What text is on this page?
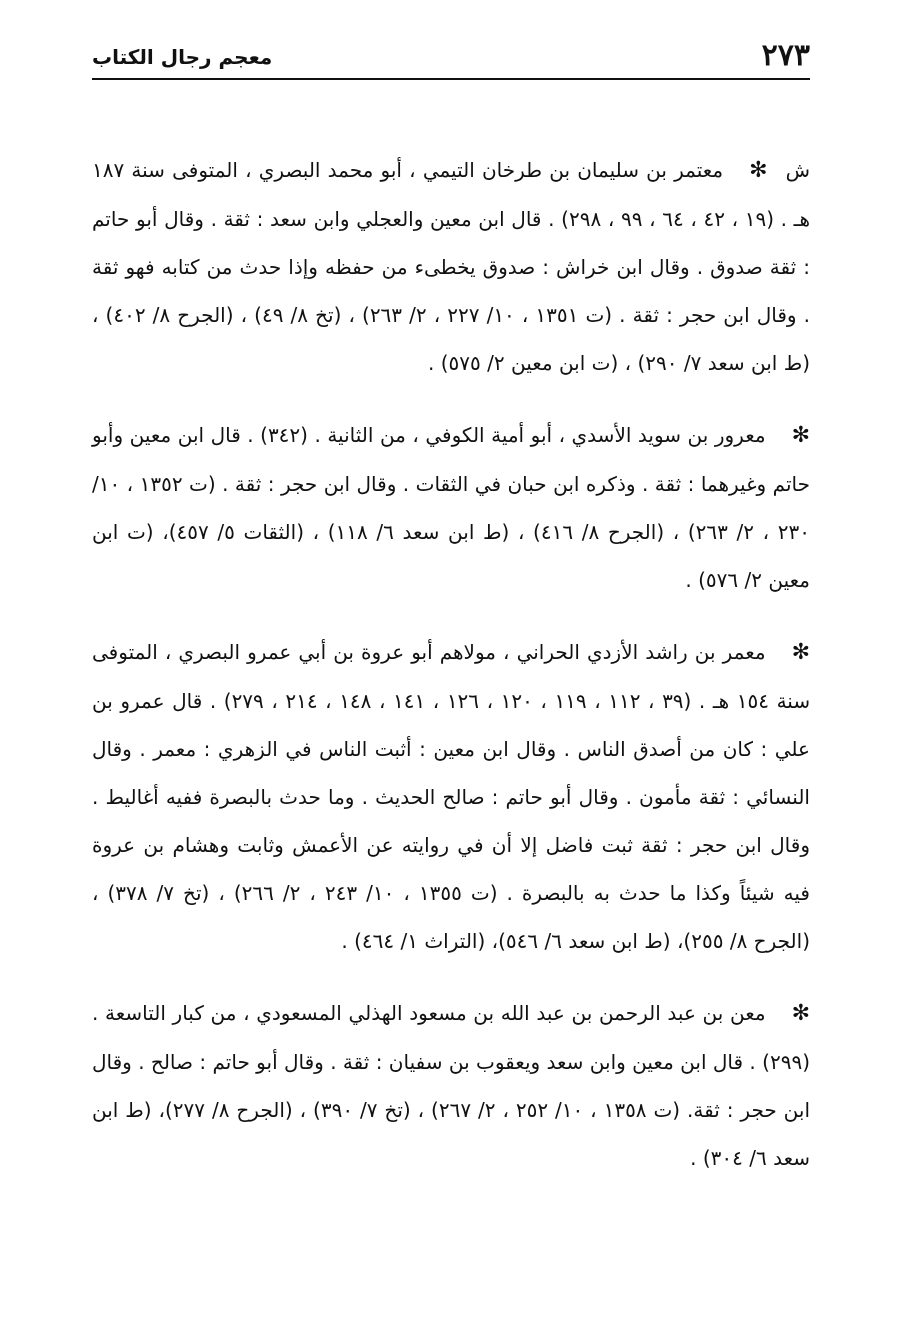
٢٧٣
معجم رجال الكتاب

ش✻معتمر بن سليمان بن طرخان التيمي ، أبو محمد البصري ، المتوفى سنة ١٨٧ هـ . (١٩ ، ٤٢ ، ٦٤ ، ٩٩ ، ٢٩٨) . قال ابن معين والعجلي وابن سعد : ثقة . وقال أبو حاتم : ثقة صدوق . وقال ابن خراش : صدوق يخطىء من حفظه وإذا حدث من كتابه فهو ثقة . وقال ابن حجر : ثقة . (ت ١٣٥١ ، ١٠/ ٢٢٧ ، ٢/ ٢٦٣) ، (تخ ٨/ ٤٩) ، (الجرح ٨/ ٤٠٢) ، (ط ابن سعد ٧/ ٢٩٠) ، (ت ابن معين ٢/ ٥٧٥) .

✻معرور بن سويد الأسدي ، أبو أمية الكوفي ، من الثانية . (٣٤٢) . قال ابن معين وأبو حاتم وغيرهما : ثقة . وذكره ابن حبان في الثقات . وقال ابن حجر : ثقة . (ت ١٣٥٢ ، ١٠/ ٢٣٠ ، ٢/ ٢٦٣) ، (الجرح ٨/ ٤١٦) ، (ط ابن سعد ٦/ ١١٨) ، (الثقات ٥/ ٤٥٧)، (ت ابن معين ٢/ ٥٧٦) .

✻معمر بن راشد الأزدي الحراني ، مولاهم أبو عروة بن أبي عمرو البصري ، المتوفى سنة ١٥٤ هـ . (٣٩ ، ١١٢ ، ١١٩ ، ١٢٠ ، ١٢٦ ، ١٤١ ، ١٤٨ ، ٢١٤ ، ٢٧٩) . قال عمرو بن علي : كان من أصدق الناس . وقال ابن معين : أثبت الناس في الزهري : معمر . وقال النسائي : ثقة مأمون . وقال أبو حاتم : صالح الحديث . وما حدث بالبصرة ففيه أغاليط . وقال ابن حجر : ثقة ثبت فاضل إلا أن في روايته عن الأعمش وثابت وهشام بن عروة فيه شيئاً وكذا ما حدث به بالبصرة . (ت ١٣٥٥ ، ١٠/ ٢٤٣ ، ٢/ ٢٦٦) ، (تخ ٧/ ٣٧٨) ، (الجرح ٨/ ٢٥٥)، (ط ابن سعد ٦/ ٥٤٦)، (التراث ١/ ٤٦٤) .

✻معن بن عبد الرحمن بن عبد الله بن مسعود الهذلي المسعودي ، من كبار التاسعة . (٢٩٩) . قال ابن معين وابن سعد ويعقوب بن سفيان : ثقة . وقال أبو حاتم : صالح . وقال ابن حجر : ثقة. (ت ١٣٥٨ ، ١٠/ ٢٥٢ ، ٢/ ٢٦٧) ، (تخ ٧/ ٣٩٠) ، (الجرح ٨/ ٢٧٧)، (ط ابن سعد ٦/ ٣٠٤) .
